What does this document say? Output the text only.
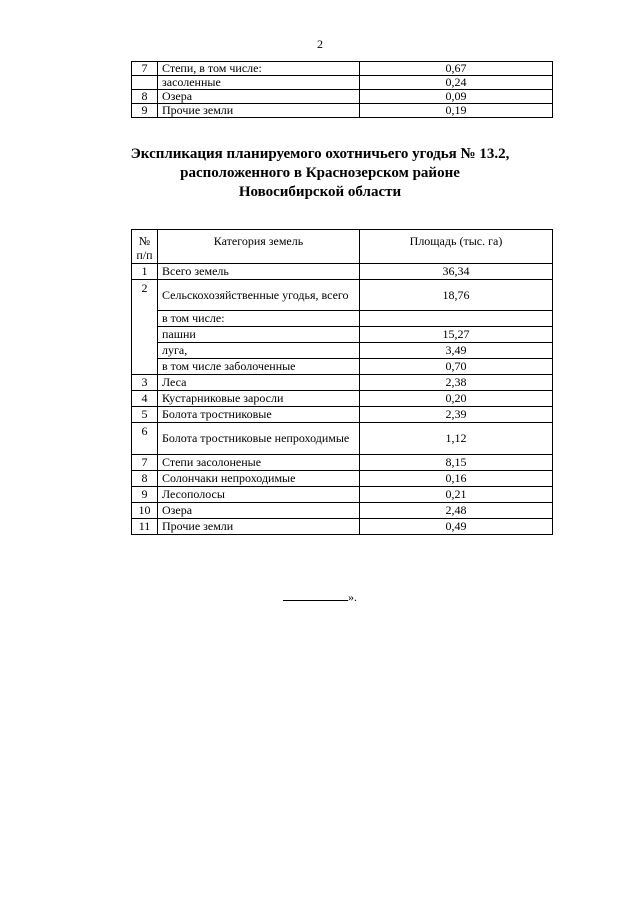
2
7	Степи, в том числе:	0,67
	засоленные	0,24
8	Озера	0,09
9	Прочие земли	0,19
Экспликация планируемого охотничьего угодья № 13.2,
расположенного в Краснозерском районе
Новосибирской области
№
п/п	Категория земель	Площадь (тыс. га)
1	Всего земель	36,34
2	Сельскохозяйственные угодья, всего	18,76
	в том числе:	
	пашни	15,27
	луга,	3,49
	в том числе заболоченные	0,70
3	Леса	2,38
4	Кустарниковые заросли	0,20
5	Болота тростниковые	2,39
6	Болота тростниковые непроходимые	1,12
7	Степи засолоненые	8,15
8	Солончаки непроходимые	0,16
9	Лесополосы	0,21
10	Озера	2,48
11	Прочие земли	0,49
».
